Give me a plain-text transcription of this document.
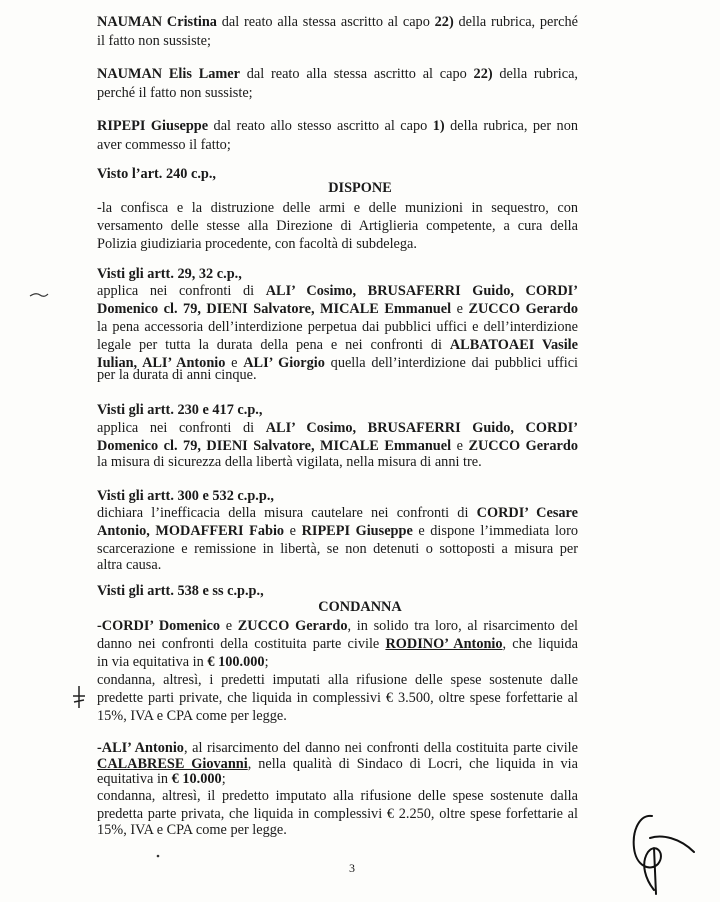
NAUMAN Cristina dal reato alla stessa ascritto al capo 22) della rubrica, perché
il fatto non sussiste;
NAUMAN Elis Lamer dal reato alla stessa ascritto al capo 22) della rubrica,
perché il fatto non sussiste;
RIPEPI Giuseppe dal reato allo stesso ascritto al capo 1) della rubrica, per non
aver commesso il fatto;
Visto l’art. 240 c.p.,
DISPONE
-la confisca e la distruzione delle armi e delle munizioni in sequestro, con
versamento delle stesse alla Direzione di Artiglieria competente, a cura della
Polizia giudiziaria procedente, con facoltà di subdelega.
Visti gli artt. 29, 32 c.p.,
applica nei confronti di ALI’ Cosimo, BRUSAFERRI Guido, CORDI’
Domenico cl. 79, DIENI Salvatore, MICALE Emmanuel e ZUCCO Gerardo
la pena accessoria dell’interdizione perpetua dai pubblici uffici e dell’interdizione
legale per tutta la durata della pena e nei confronti di ALBATOAEI Vasile
Iulian, ALI’ Antonio e ALI’ Giorgio quella dell’interdizione dai pubblici uffici
per la durata di anni cinque.
Visti gli artt. 230 e 417 c.p.,
applica nei confronti di ALI’ Cosimo, BRUSAFERRI Guido, CORDI’
Domenico cl. 79, DIENI Salvatore, MICALE Emmanuel e ZUCCO Gerardo
la misura di sicurezza della libertà vigilata, nella misura di anni tre.
Visti gli artt. 300 e 532 c.p.p.,
dichiara l’inefficacia della misura cautelare nei confronti di CORDI’ Cesare
Antonio, MODAFFERI Fabio e RIPEPI Giuseppe e dispone l’immediata loro
scarcerazione e remissione in libertà, se non detenuti o sottoposti a misura per
altra causa.
Visti gli artt. 538 e ss c.p.p.,
CONDANNA
-CORDI’ Domenico e ZUCCO Gerardo, in solido tra loro, al risarcimento del
danno nei confronti della costituita parte civile RODINO’ Antonio, che liquida
in via equitativa in € 100.000;
condanna, altresì, i predetti imputati alla rifusione delle spese sostenute dalle
predette parti private, che liquida in complessivi € 3.500, oltre spese forfettarie al
15%, IVA e CPA come per legge.
-ALI’ Antonio, al risarcimento del danno nei confronti della costituita parte civile
CALABRESE Giovanni, nella qualità di Sindaco di Locri, che liquida in via
equitativa in € 10.000;
condanna, altresì, il predetto imputato alla rifusione delle spese sostenute dalla
predetta parte privata, che liquida in complessivi € 2.250, oltre spese forfettarie al
15%, IVA e CPA come per legge.
3
